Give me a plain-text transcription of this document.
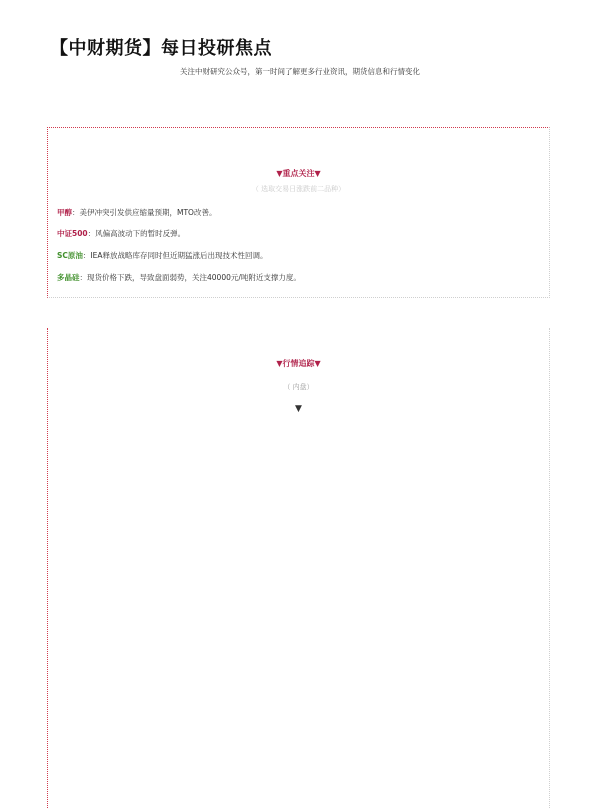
【中财期货】每日投研焦点
关注中财研究公众号，第一时间了解更多行业资讯，期货信息和行情变化
▼重点关注▼
（ 选取交易日涨跌前二品种）
甲醇：美伊冲突引发供应缩量预期，MTO改善。
中证500：风偏高波动下的暂时反弹。
SC原油：IEA释放战略库存同时但近期猛涨后出现技术性回调。
多晶硅：现货价格下跌，导致盘面弱势，关注40000元/吨附近支撑力度。
▼行情追踪▼
（ 内盘）
▼
